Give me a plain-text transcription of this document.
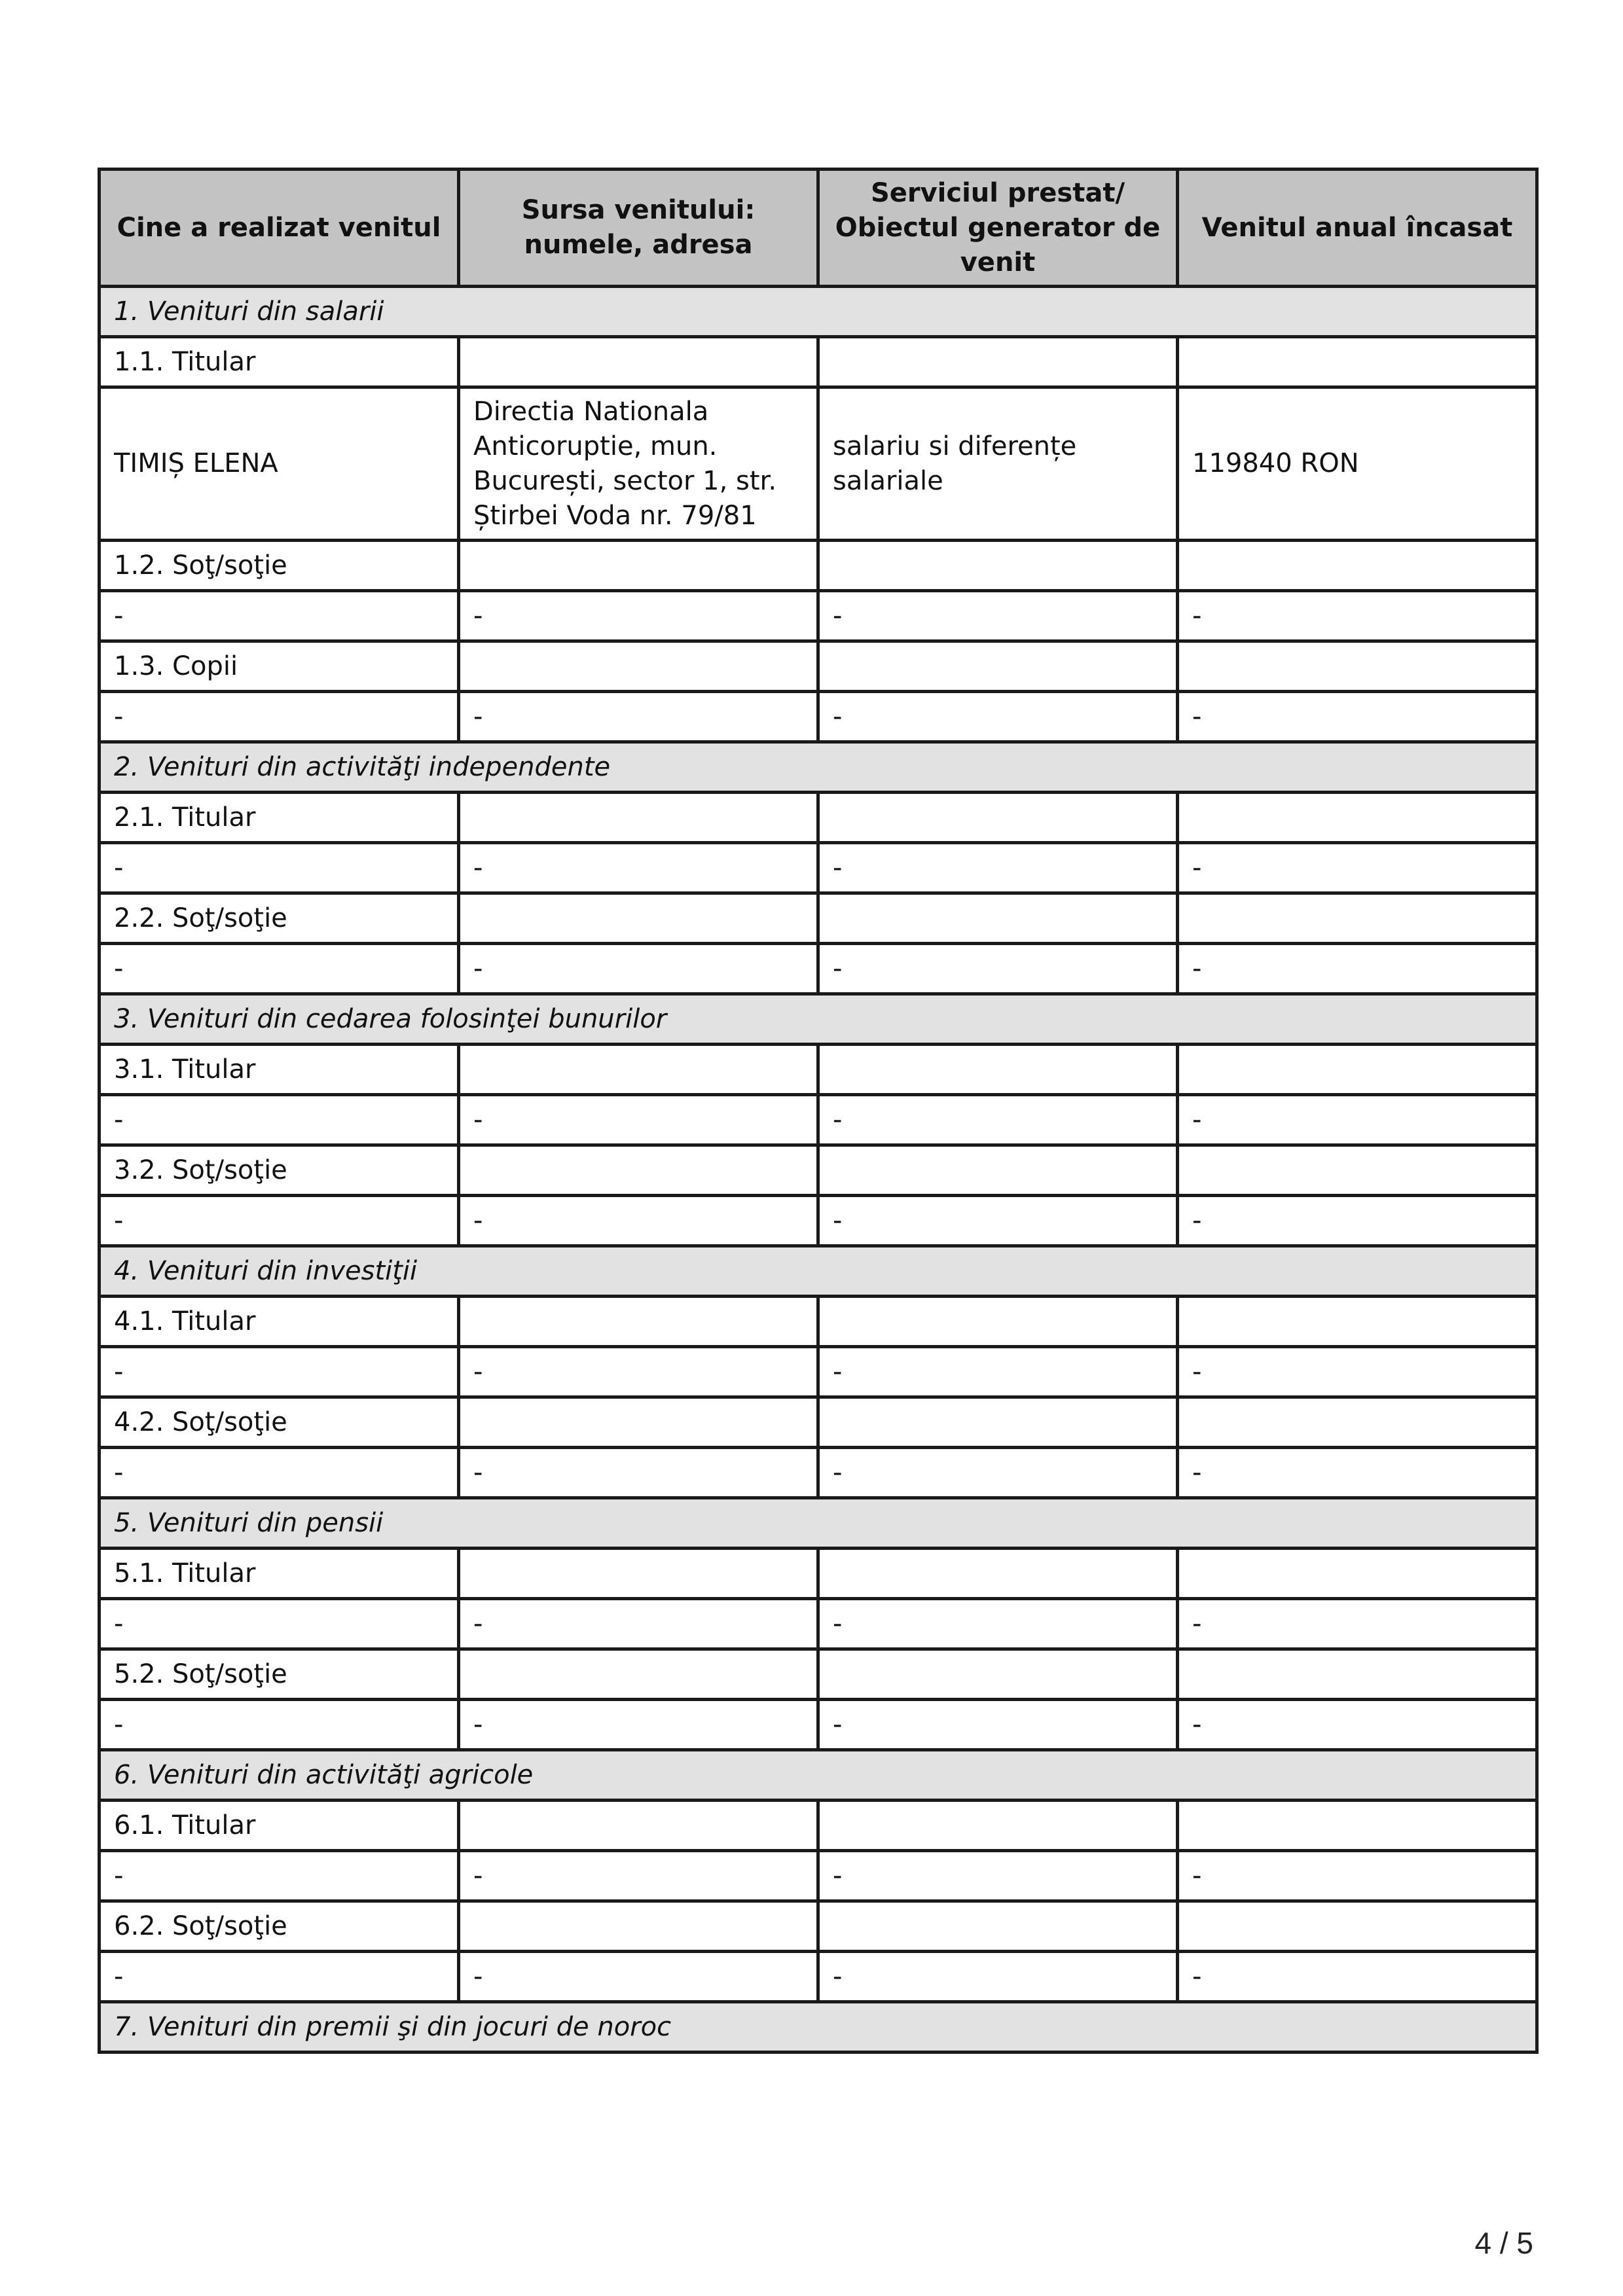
Cine a realizat venitul	Sursa venitului: numele, adresa	Serviciul prestat/ Obiectul generator de venit	Venitul anual încasat
1. Venituri din salarii			
1.1. Titular			
TIMIȘ ELENA	Directia Nationala Anticoruptie, mun. București, sector 1, str. Știrbei Voda nr. 79/81	salariu si diferențe salariale	119840 RON
1.2. Soţ/soţie			
-	-	-	-
1.3. Copii			
-	-	-	-
2. Venituri din activităţi independente			
2.1. Titular			
-	-	-	-
2.2. Soţ/soţie			
-	-	-	-
3. Venituri din cedarea folosinţei bunurilor			
3.1. Titular			
-	-	-	-
3.2. Soţ/soţie			
-	-	-	-
4. Venituri din investiţii			
4.1. Titular			
-	-	-	-
4.2. Soţ/soţie			
-	-	-	-
5. Venituri din pensii			
5.1. Titular			
-	-	-	-
5.2. Soţ/soţie			
-	-	-	-
6. Venituri din activităţi agricole			
6.1. Titular			
-	-	-	-
6.2. Soţ/soţie			
-	-	-	-
7. Venituri din premii şi din jocuri de noroc			
4 / 5
